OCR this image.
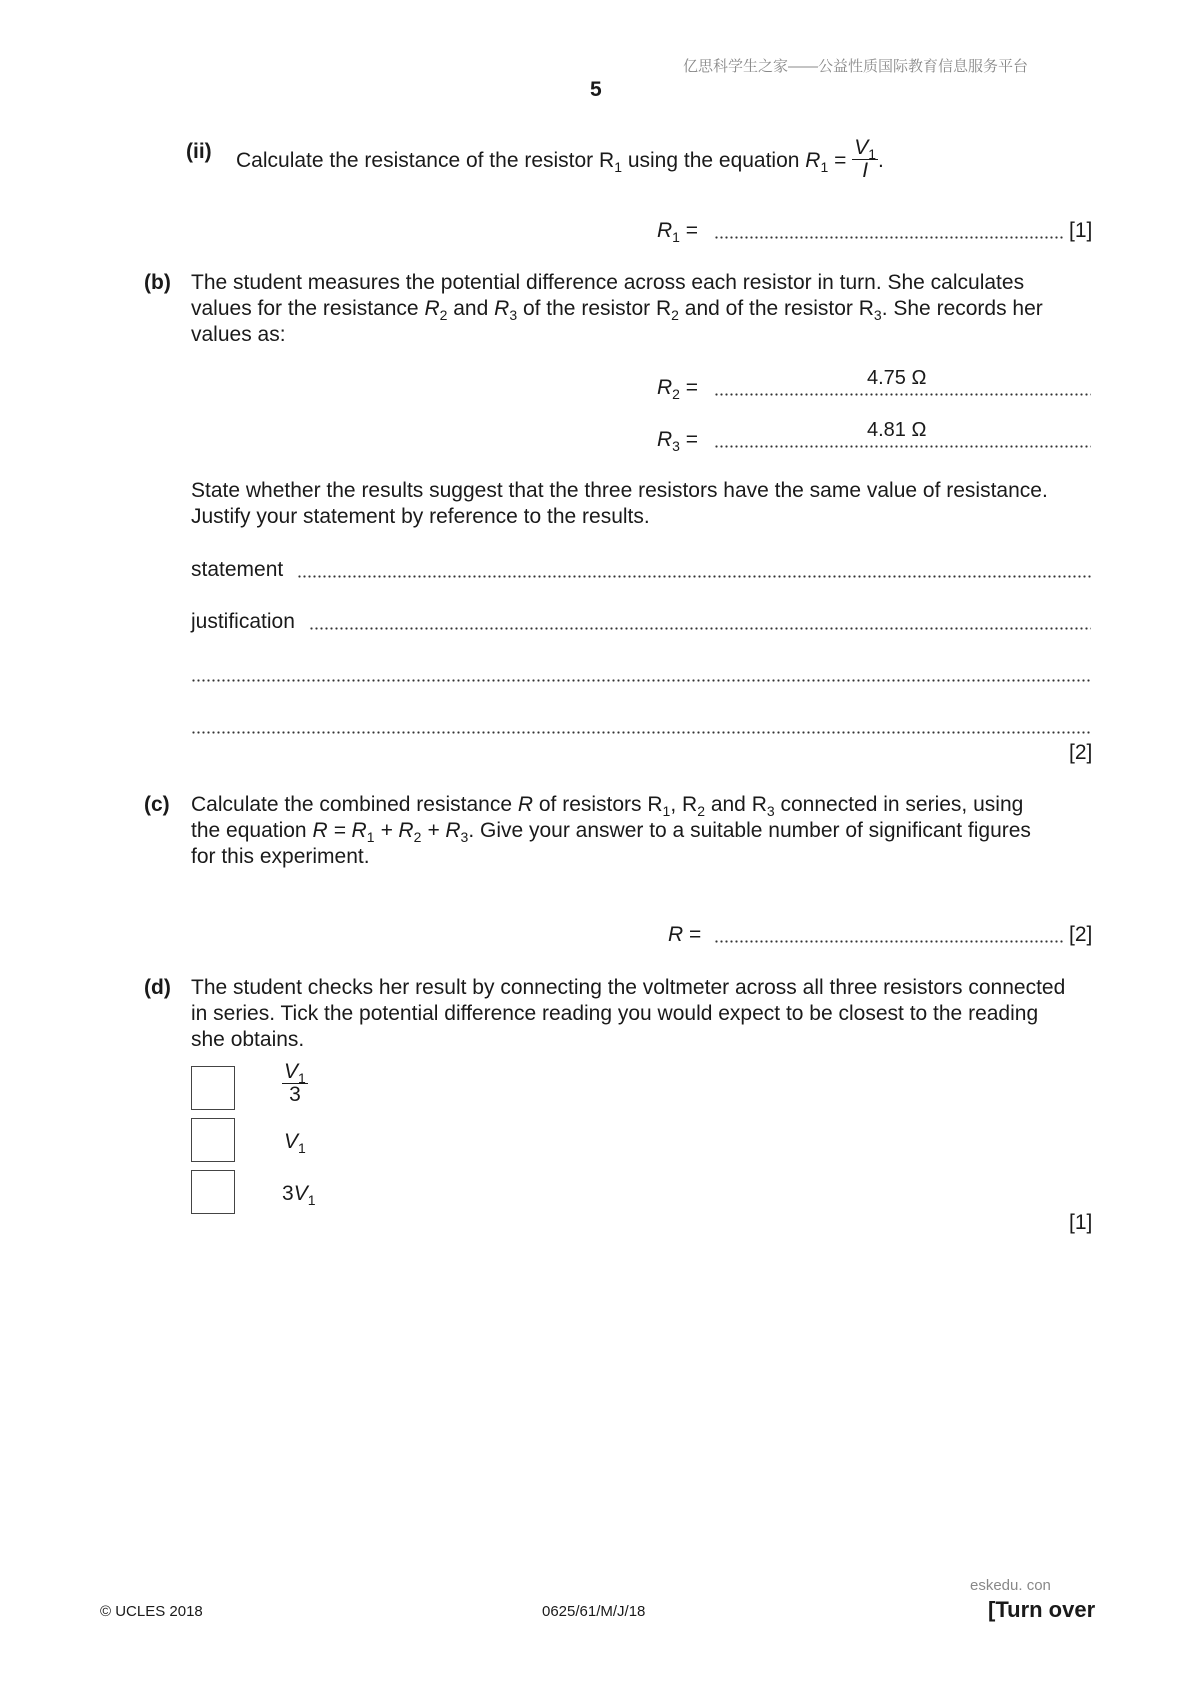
亿思科学生之家——公益性质国际教育信息服务平台
5
(ii) Calculate the resistance of the resistor $R_1$ using the equation $R_1 = \frac{V_1}{I}$ .
$R_1$ =	[1]
(b) The student measures the potential difference across each resistor in turn. She calculates
values for the resistance $R_2$ and $R_3$ of the resistor $R_2$ and of the resistor $R_3$. She records her
values as:
$R_2$ =	4.75 Ω
$R_3$ =	4.81 Ω
State whether the results suggest that the three resistors have the same value of resistance.
Justify your statement by reference to the results.
statement
justification
[2]
(c) Calculate the combined resistance R of resistors $R_1$, $R_2$ and $R_3$ connected in series, using
the equation $R = R_1 + R_2 + R_3$. Give your answer to a suitable number of significant figures
for this experiment.
R =	[2]
(d) The student checks her result by connecting the voltmeter across all three resistors connected
in series. Tick the potential difference reading you would expect to be closest to the reading
she obtains.
$\frac{V_1}{3}$
$V_1$
$3V_1$
[1]
eskedu. con
© UCLES 2018	0625/61/M/J/18	[Turn over
